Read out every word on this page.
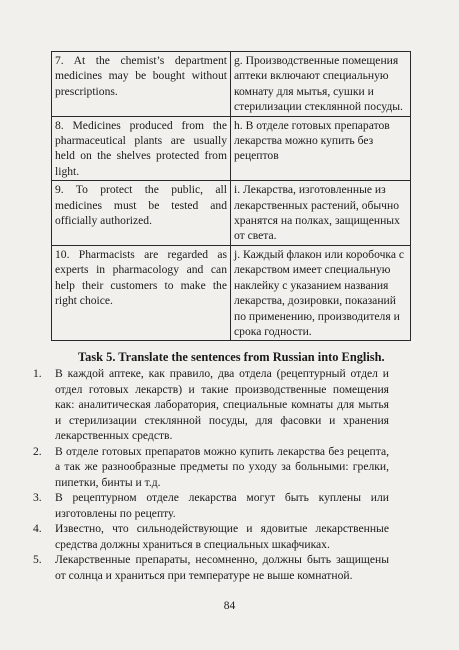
7. At the chemist’s department medicines may be bought without prescriptions.	g. Производственные помещения аптеки включают специальную комнату для мытья, сушки и стерилизации стеклянной посуды.
8. Medicines produced from the pharmaceutical plants are usually held on the shelves protected from light.	h. В отделе готовых препаратов лекарства можно купить без рецептов
9. To protect the public, all medicines must be tested and officially authorized.	i. Лекарства, изготовленные из лекарственных растений, обычно хранятся на полках, защищенных от света.
10. Pharmacists are regarded as experts in pharmacology and can help their customers to make the right choice.	j. Каждый флакон или коробочка с лекарством имеет специальную наклейку с указанием названия лекарства, дозировки, показаний по применению, производителя и срока годности.
Task 5. Translate the sentences from Russian into English.
1. В каждой аптеке, как правило, два отдела (рецептурный отдел и отдел готовых лекарств) и такие производственные помещения как: аналитическая лаборатория, специальные комнаты для мытья и стерилизации стеклянной посуды, для фасовки и хранения лекарственных средств.
2. В отделе готовых препаратов можно купить лекарства без рецепта, а так же разнообразные предметы по уходу за больными: грелки, пипетки, бинты и т.д.
3. В рецептурном отделе лекарства могут быть куплены или изготовлены по рецепту.
4. Известно, что сильнодействующие и ядовитые лекарственные средства должны храниться в специальных шкафчиках.
5. Лекарственные препараты, несомненно, должны быть защищены от солнца и храниться при температуре не выше комнатной.
84
